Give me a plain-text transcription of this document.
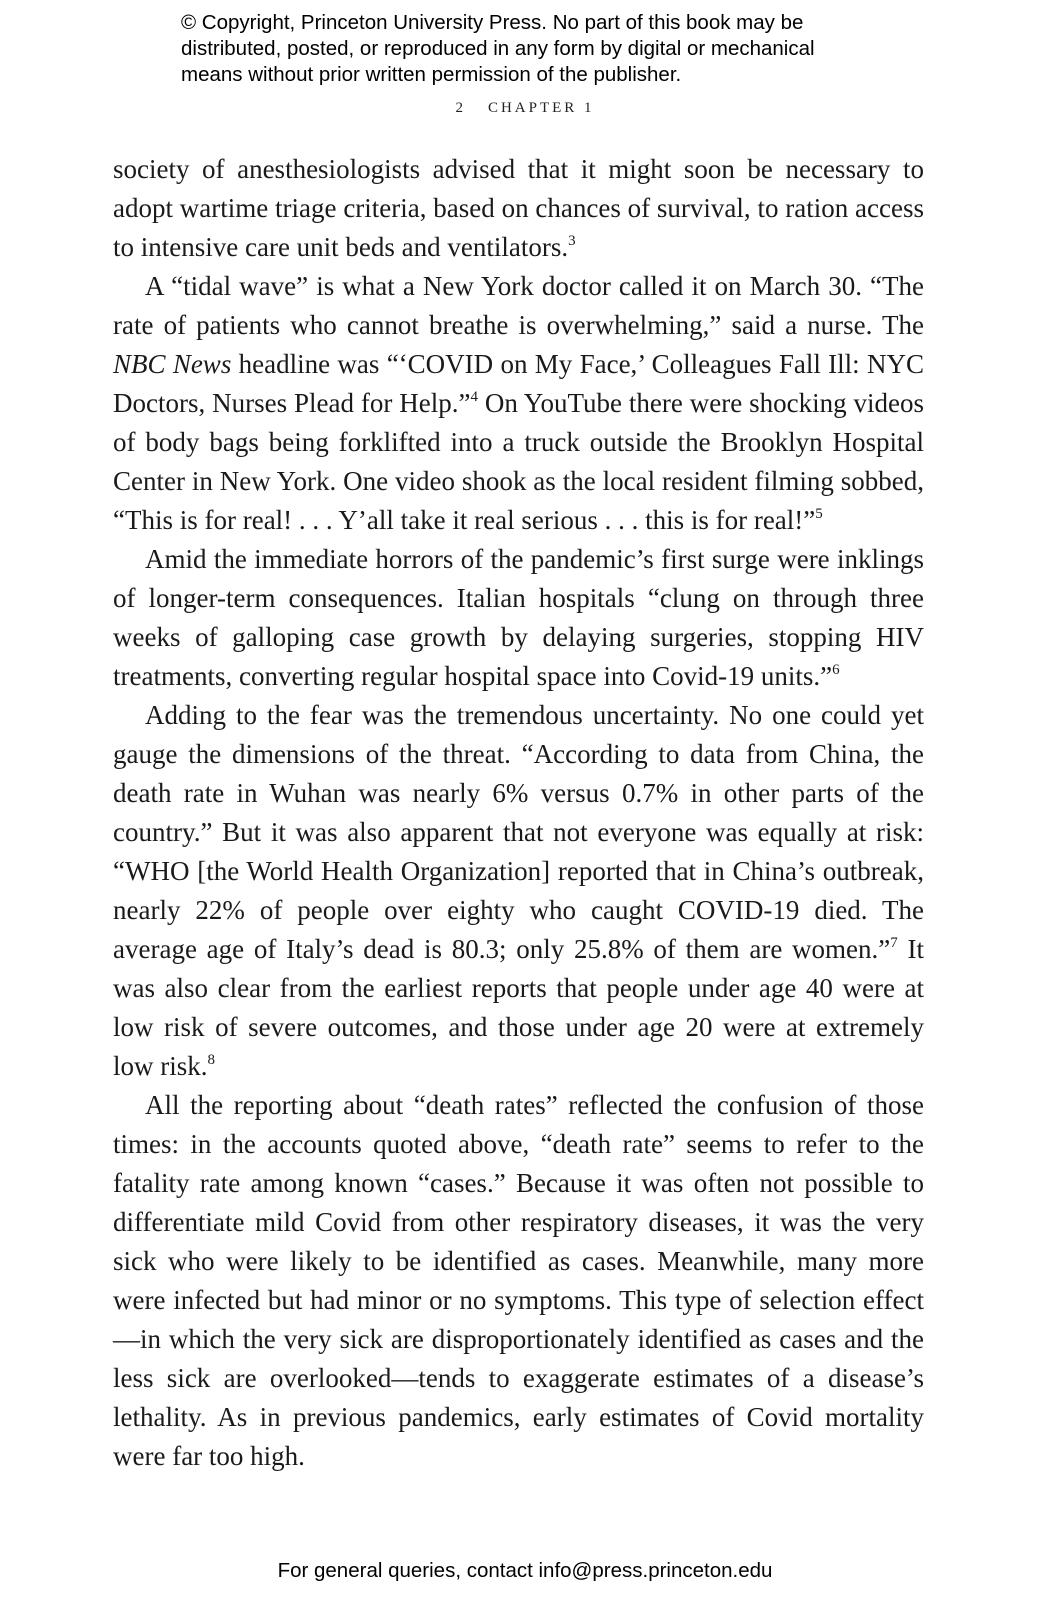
© Copyright, Princeton University Press. No part of this book may be
distributed, posted, or reproduced in any form by digital or mechanical
means without prior written permission of the publisher.
2 CHAPTER 1

society of anesthesiologists advised that it might soon be necessary to adopt wartime triage criteria, based on chances of survival, to ration access to intensive care unit beds and ventilators.$^3$

A “tidal wave” is what a New York doctor called it on March 30. “The rate of patients who cannot breathe is overwhelming,” said a nurse. The NBC News headline was “‘COVID on My Face,’ Colleagues Fall Ill: NYC Doctors, Nurses Plead for Help.”$^4$ On YouTube there were shocking videos of body bags being forklifted into a truck outside the Brooklyn Hospital Center in New York. One video shook as the local resident filming sobbed, “This is for real! . . . Y’all take it real serious . . . this is for real!”$^5$

Amid the immediate horrors of the pandemic’s first surge were inklings of longer-term consequences. Italian hospitals “clung on through three weeks of galloping case growth by delaying surgeries, stopping HIV treatments, converting regular hospital space into Covid-19 units.”$^6$

Adding to the fear was the tremendous uncertainty. No one could yet gauge the dimensions of the threat. “According to data from China, the death rate in Wuhan was nearly 6% versus 0.7% in other parts of the country.” But it was also apparent that not everyone was equally at risk: “WHO [the World Health Organization] reported that in China’s outbreak, nearly 22% of people over eighty who caught COVID-19 died. The average age of Italy’s dead is 80.3; only 25.8% of them are women.”$^7$ It was also clear from the earliest reports that people under age 40 were at low risk of severe outcomes, and those under age 20 were at extremely low risk.$^8$

All the reporting about “death rates” reflected the confusion of those times: in the accounts quoted above, “death rate” seems to refer to the fatality rate among known “cases.” Because it was often not possible to differentiate mild Covid from other respiratory diseases, it was the very sick who were likely to be identified as cases. Meanwhile, many more were infected but had minor or no symptoms. This type of selection effect—in which the very sick are disproportionately identified as cases and the less sick are overlooked—tends to exaggerate estimates of a disease’s lethality. As in previous pandemics, early estimates of Covid mortality were far too high.

For general queries, contact info@press.princeton.edu
